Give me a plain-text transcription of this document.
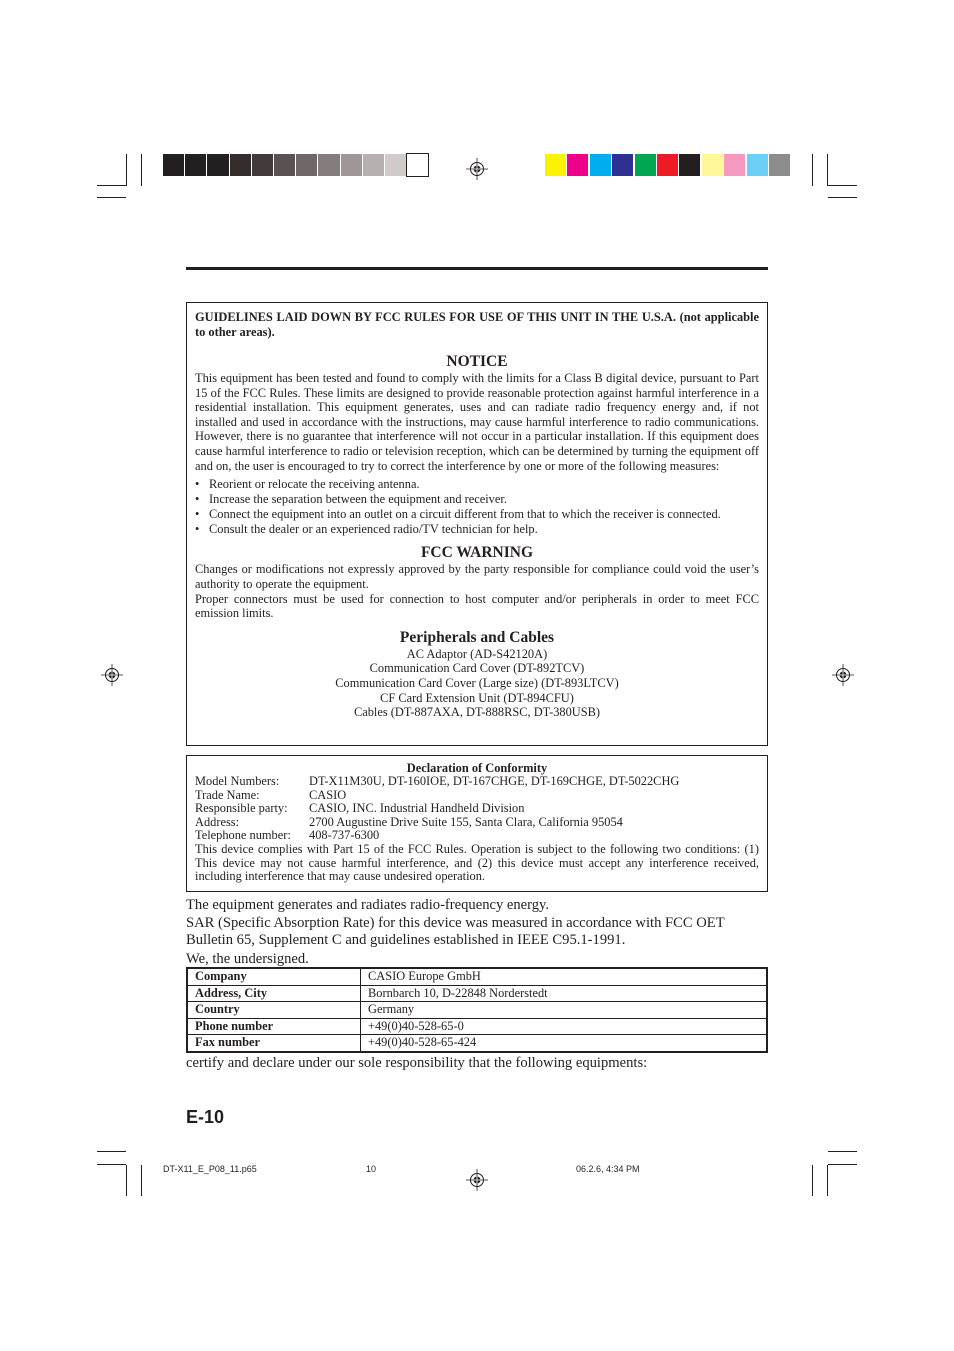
GUIDELINES LAID DOWN BY FCC RULES FOR USE OF THIS UNIT IN THE U.S.A. (not applicable to other areas).

NOTICE

This equipment has been tested and found to comply with the limits for a Class B digital device, pursuant to Part 15 of the FCC Rules. These limits are designed to provide reasonable protection against harmful interference in a residential installation. This equipment generates, uses and can radiate radio frequency energy and, if not installed and used in accordance with the instructions, may cause harmful interference to radio communications. However, there is no guarantee that interference will not occur in a particular installation. If this equipment does cause harmful interference to radio or television reception, which can be determined by turning the equipment off and on, the user is encouraged to try to correct the interference by one or more of the following measures:

• Reorient or relocate the receiving antenna.
• Increase the separation between the equipment and receiver.
• Connect the equipment into an outlet on a circuit different from that to which the receiver is connected.
• Consult the dealer or an experienced radio/TV technician for help.

FCC WARNING

Changes or modifications not expressly approved by the party responsible for compliance could void the user’s authority to operate the equipment.

Proper connectors must be used for connection to host computer and/or peripherals in order to meet FCC emission limits.

Peripherals and Cables

AC Adaptor (AD-S42120A)

Communication Card Cover (DT-892TCV)

Communication Card Cover (Large size) (DT-893LTCV)

CF Card Extension Unit (DT-894CFU)

Cables (DT-887AXA, DT-888RSC, DT-380USB)

Declaration of Conformity

Model Numbers:	DT-X11M30U, DT-160IOE, DT-167CHGE, DT-169CHGE, DT-5022CHG
Trade Name:	CASIO
Responsible party:	CASIO, INC. Industrial Handheld Division
Address:	2700 Augustine Drive Suite 155, Santa Clara, California 95054
Telephone number:	408-737-6300

This device complies with Part 15 of the FCC Rules. Operation is subject to the following two conditions: (1) This device may not cause harmful interference, and (2) this device must accept any interference received, including interference that may cause undesired operation.

The equipment generates and radiates radio-frequency energy.
SAR (Specific Absorption Rate) for this device was measured in accordance with FCC OET Bulletin 65, Supplement C and guidelines established in IEEE C95.1-1991.
We, the undersigned.
Company	CASIO Europe GmbH
Address, City	Bornbarch 10, D-22848 Norderstedt
Country	Germany
Phone number	+49(0)40-528-65-0
Fax number	+49(0)40-528-65-424
certify and declare under our sole responsibility that the following equipments:
E-10
DT-X11_E_P08_11.p65	10	06.2.6, 4:34 PM
